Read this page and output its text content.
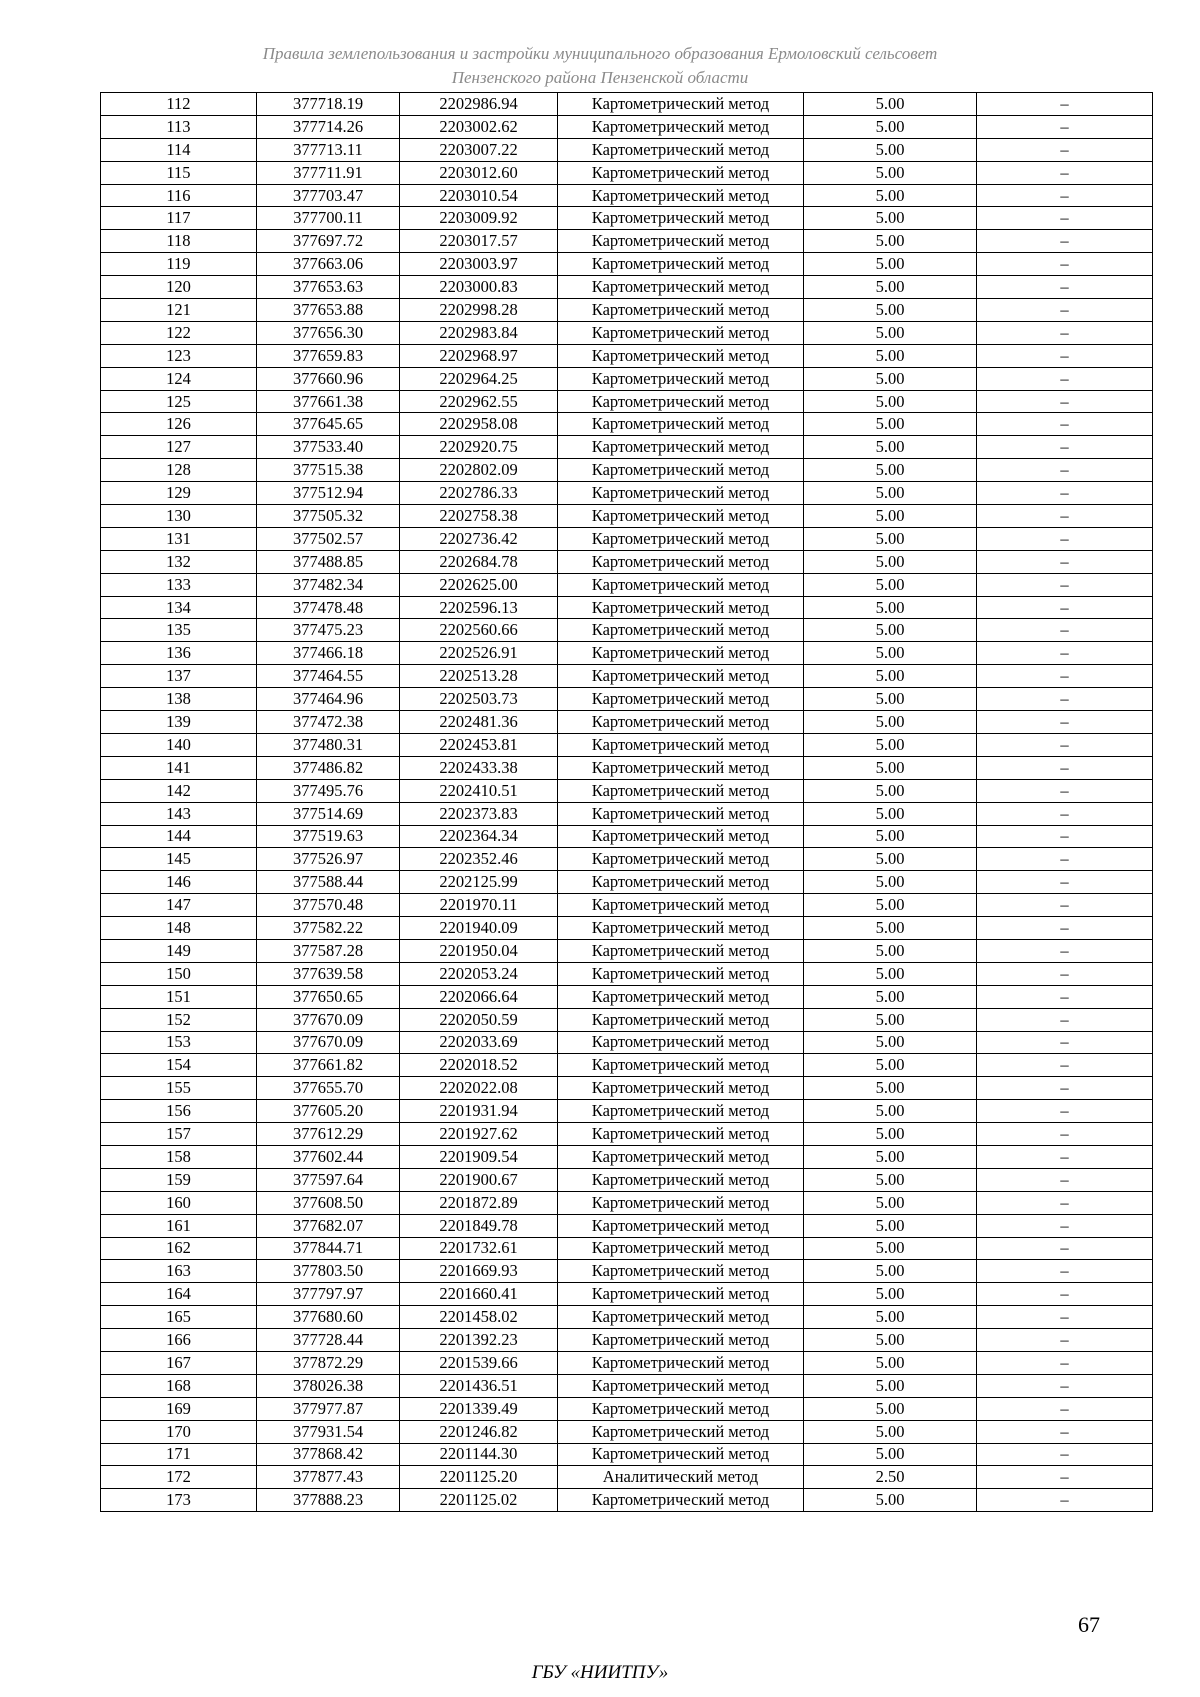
Правила землепользования и застройки муниципального образования Ермоловский сельсовет
Пензенского района Пензенской области
112	377718.19	2202986.94	Картометрический метод	5.00	–
113	377714.26	2203002.62	Картометрический метод	5.00	–
114	377713.11	2203007.22	Картометрический метод	5.00	–
115	377711.91	2203012.60	Картометрический метод	5.00	–
116	377703.47	2203010.54	Картометрический метод	5.00	–
117	377700.11	2203009.92	Картометрический метод	5.00	–
118	377697.72	2203017.57	Картометрический метод	5.00	–
119	377663.06	2203003.97	Картометрический метод	5.00	–
120	377653.63	2203000.83	Картометрический метод	5.00	–
121	377653.88	2202998.28	Картометрический метод	5.00	–
122	377656.30	2202983.84	Картометрический метод	5.00	–
123	377659.83	2202968.97	Картометрический метод	5.00	–
124	377660.96	2202964.25	Картометрический метод	5.00	–
125	377661.38	2202962.55	Картометрический метод	5.00	–
126	377645.65	2202958.08	Картометрический метод	5.00	–
127	377533.40	2202920.75	Картометрический метод	5.00	–
128	377515.38	2202802.09	Картометрический метод	5.00	–
129	377512.94	2202786.33	Картометрический метод	5.00	–
130	377505.32	2202758.38	Картометрический метод	5.00	–
131	377502.57	2202736.42	Картометрический метод	5.00	–
132	377488.85	2202684.78	Картометрический метод	5.00	–
133	377482.34	2202625.00	Картометрический метод	5.00	–
134	377478.48	2202596.13	Картометрический метод	5.00	–
135	377475.23	2202560.66	Картометрический метод	5.00	–
136	377466.18	2202526.91	Картометрический метод	5.00	–
137	377464.55	2202513.28	Картометрический метод	5.00	–
138	377464.96	2202503.73	Картометрический метод	5.00	–
139	377472.38	2202481.36	Картометрический метод	5.00	–
140	377480.31	2202453.81	Картометрический метод	5.00	–
141	377486.82	2202433.38	Картометрический метод	5.00	–
142	377495.76	2202410.51	Картометрический метод	5.00	–
143	377514.69	2202373.83	Картометрический метод	5.00	–
144	377519.63	2202364.34	Картометрический метод	5.00	–
145	377526.97	2202352.46	Картометрический метод	5.00	–
146	377588.44	2202125.99	Картометрический метод	5.00	–
147	377570.48	2201970.11	Картометрический метод	5.00	–
148	377582.22	2201940.09	Картометрический метод	5.00	–
149	377587.28	2201950.04	Картометрический метод	5.00	–
150	377639.58	2202053.24	Картометрический метод	5.00	–
151	377650.65	2202066.64	Картометрический метод	5.00	–
152	377670.09	2202050.59	Картометрический метод	5.00	–
153	377670.09	2202033.69	Картометрический метод	5.00	–
154	377661.82	2202018.52	Картометрический метод	5.00	–
155	377655.70	2202022.08	Картометрический метод	5.00	–
156	377605.20	2201931.94	Картометрический метод	5.00	–
157	377612.29	2201927.62	Картометрический метод	5.00	–
158	377602.44	2201909.54	Картометрический метод	5.00	–
159	377597.64	2201900.67	Картометрический метод	5.00	–
160	377608.50	2201872.89	Картометрический метод	5.00	–
161	377682.07	2201849.78	Картометрический метод	5.00	–
162	377844.71	2201732.61	Картометрический метод	5.00	–
163	377803.50	2201669.93	Картометрический метод	5.00	–
164	377797.97	2201660.41	Картометрический метод	5.00	–
165	377680.60	2201458.02	Картометрический метод	5.00	–
166	377728.44	2201392.23	Картометрический метод	5.00	–
167	377872.29	2201539.66	Картометрический метод	5.00	–
168	378026.38	2201436.51	Картометрический метод	5.00	–
169	377977.87	2201339.49	Картометрический метод	5.00	–
170	377931.54	2201246.82	Картометрический метод	5.00	–
171	377868.42	2201144.30	Картометрический метод	5.00	–
172	377877.43	2201125.20	Аналитический метод	2.50	–
173	377888.23	2201125.02	Картометрический метод	5.00	–
67
ГБУ «НИИТПУ»
